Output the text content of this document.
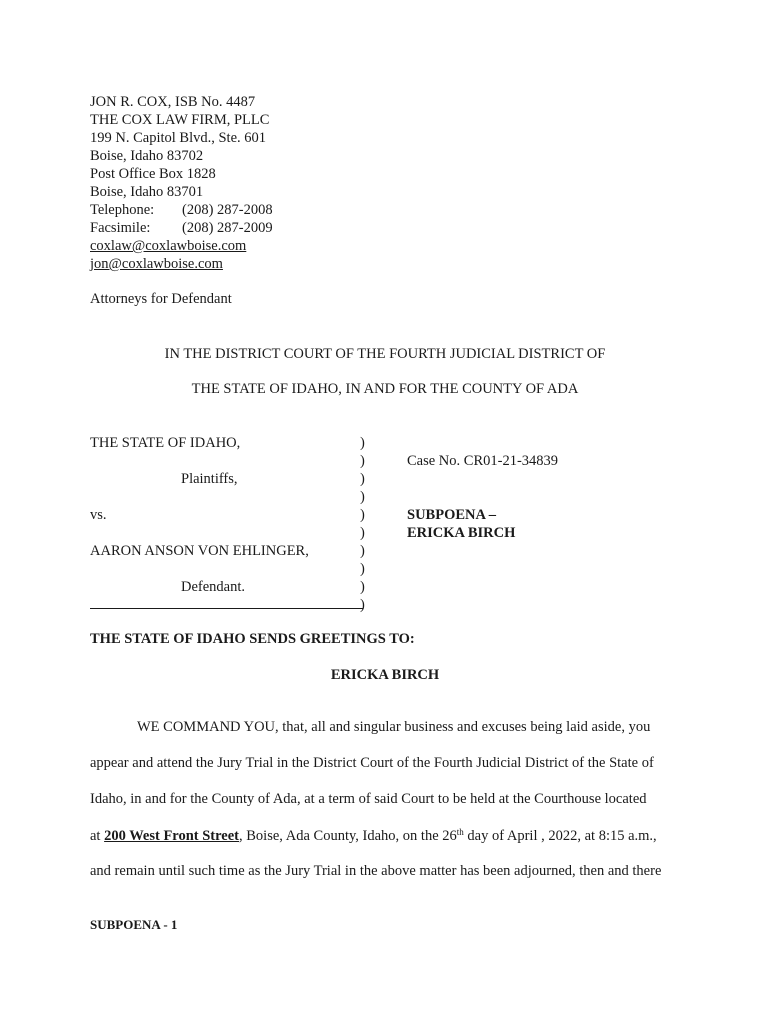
JON R. COX, ISB No. 4487
THE COX LAW FIRM, PLLC
199 N. Capitol Blvd., Ste. 601
Boise, Idaho 83702
Post Office Box 1828
Boise, Idaho 83701
Telephone: (208) 287-2008
Facsimile: (208) 287-2009
coxlaw@coxlawboise.com
jon@coxlawboise.com
Attorneys for Defendant
IN THE DISTRICT COURT OF THE FOURTH JUDICIAL DISTRICT OF
THE STATE OF IDAHO, IN AND FOR THE COUNTY OF ADA
THE STATE OF IDAHO,
Plaintiffs,
vs.
AARON ANSON VON EHLINGER,
Defendant.
)
)
)
)
)
)
)
)
)
)
Case No. CR01-21-34839
SUBPOENA –
ERICKA BIRCH
THE STATE OF IDAHO SENDS GREETINGS TO:
ERICKA BIRCH
WE COMMAND YOU, that, all and singular business and excuses being laid aside, you
appear and attend the Jury Trial in the District Court of the Fourth Judicial District of the State of
Idaho, in and for the County of Ada, at a term of said Court to be held at the Courthouse located
at 200 West Front Street, Boise, Ada County, Idaho, on the 26th day of April , 2022, at 8:15 a.m.,
and remain until such time as the Jury Trial in the above matter has been adjourned, then and there
SUBPOENA - 1
